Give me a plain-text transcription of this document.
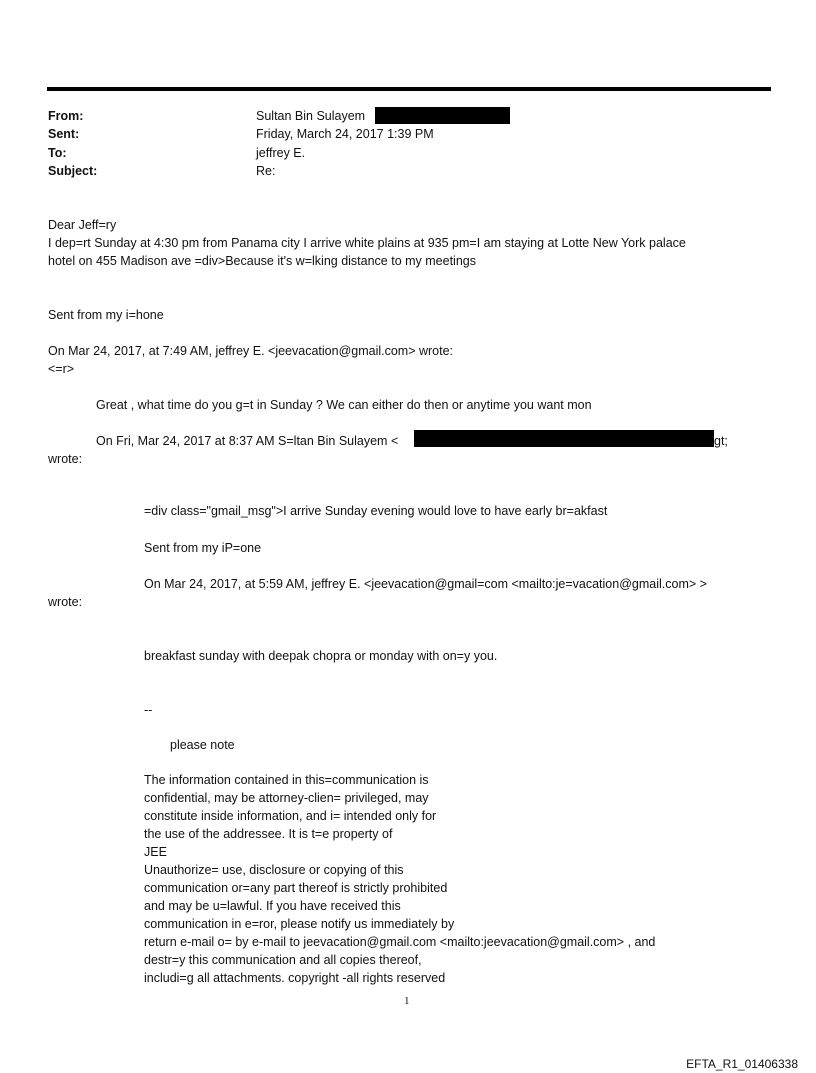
From:	Sultan Bin Sulayem
Sent:	Friday, March 24, 2017 1:39 PM
To:	jeffrey E.
Subject:	Re:
Dear Jeff=ry
I dep=rt Sunday at 4:30 pm from Panama city I arrive white plains at 935 pm=I am staying at Lotte New York palace
hotel on 455 Madison ave =div>Because it's w=lking distance to my meetings
Sent from my i=hone
On Mar 24, 2017, at 7:49 AM, jeffrey E. <jeevacation@gmail.com> wrote:
<=r>
Great , what time do you g=t in Sunday ? We can either do then or anytime you want mon
On Fri, Mar 24, 2017 at 8:37 AM S=ltan Bin Sulayem <	gt;
wrote:
=div class="gmail_msg">I arrive Sunday evening would love to have early br=akfast
Sent from my iP=one
On Mar 24, 2017, at 5:59 AM, jeffrey E. <jeevacation@gmail=com <mailto:je=vacation@gmail.com> >
wrote:
breakfast sunday with deepak chopra or monday with on=y you.
--
please note
The information contained in this=communication is
confidential, may be attorney-clien= privileged, may
constitute inside information, and i= intended only for
the use of the addressee. It is t=e property of
JEE
Unauthorize= use, disclosure or copying of this
communication or=any part thereof is strictly prohibited
and may be u=lawful. If you have received this
communication in e=ror, please notify us immediately by
return e-mail o= by e-mail to jeevacation@gmail.com <mailto:jeevacation@gmail.com> , and
destr=y this communication and all copies thereof,
includi=g all attachments. copyright -all rights reserved
1
EFTA_R1_01406338
